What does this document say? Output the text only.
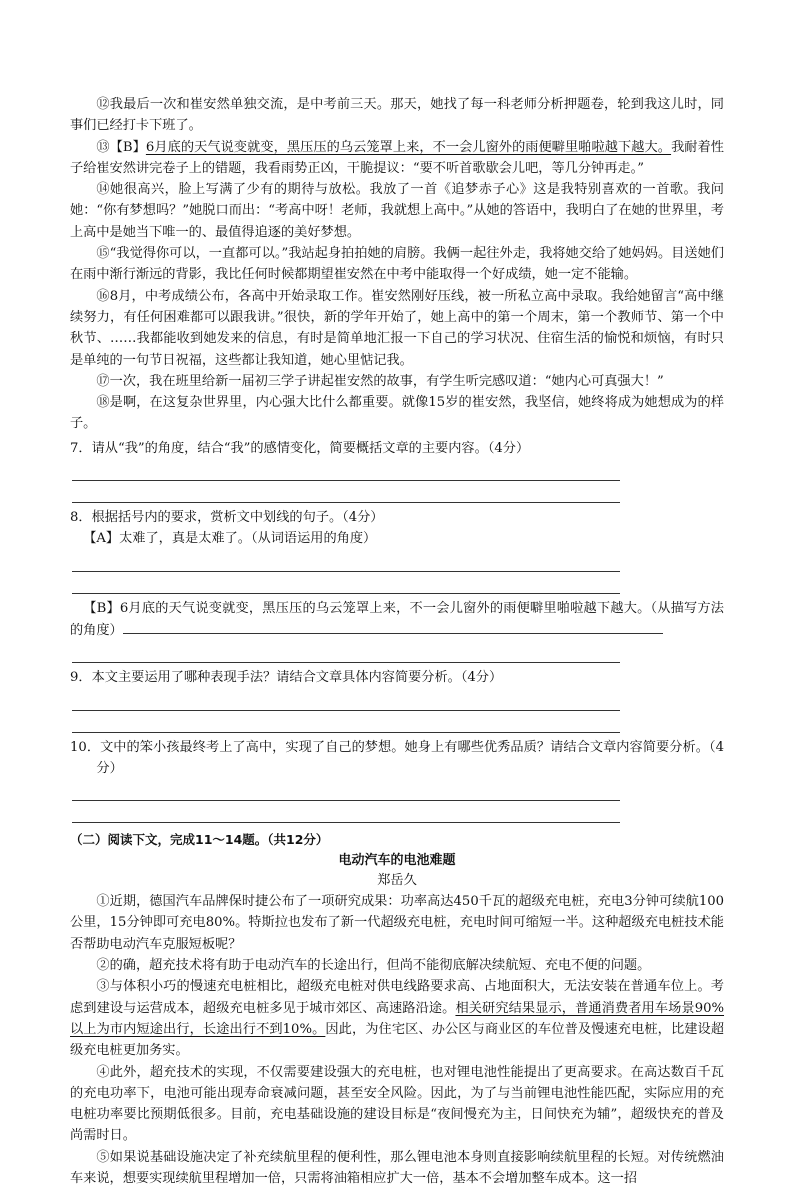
⑫我最后一次和崔安然单独交流，是中考前三天。那天，她找了每一科老师分析押题卷，轮到我这儿时，同事们已经打卡下班了。

⑬【B】6月底的天气说变就变，黑压压的乌云笼罩上来，不一会儿窗外的雨便噼里啪啦越下越大。我耐着性子给崔安然讲完卷子上的错题，我看雨势正凶，干脆提议：“要不听首歌歇会儿吧，等几分钟再走。”

⑭她很高兴，脸上写满了少有的期待与放松。我放了一首《追梦赤子心》这是我特别喜欢的一首歌。我问她：“你有梦想吗？”她脱口而出：“考高中呀！老师，我就想上高中。”从她的答语中，我明白了在她的世界里，考上高中是她当下唯一的、最值得追逐的美好梦想。

⑮“我觉得你可以，一直都可以。”我站起身拍拍她的肩膀。我俩一起往外走，我将她交给了她妈妈。目送她们在雨中渐行渐远的背影，我比任何时候都期望崔安然在中考中能取得一个好成绩，她一定不能输。

⑯8月，中考成绩公布，各高中开始录取工作。崔安然刚好压线，被一所私立高中录取。我给她留言“高中继续努力，有任何困难都可以跟我讲。”很快，新的学年开始了，她上高中的第一个周末，第一个教师节、第一个中秋节、……我都能收到她发来的信息，有时是简单地汇报一下自己的学习状况、住宿生活的愉悦和烦恼，有时只是单纯的一句节日祝福，这些都让我知道，她心里惦记我。

⑰一次，我在班里给新一届初三学子讲起崔安然的故事，有学生听完感叹道：“她内心可真强大！”

⑱是啊，在这复杂世界里，内心强大比什么都重要。就像15岁的崔安然，我坚信，她终将成为她想成为的样子。

7．请从“我”的角度，结合“我”的感情变化，简要概括文章的主要内容。（4分）

8．根据括号内的要求，赏析文中划线的句子。（4分）

【A】太难了，真是太难了。（从词语运用的角度）

【B】6月底的天气说变就变，黑压压的乌云笼罩上来，不一会儿窗外的雨便噼里啪啦越下越大。（从描写方法的角度）

9．本文主要运用了哪种表现手法？请结合文章具体内容简要分析。（4分）

10．文中的笨小孩最终考上了高中，实现了自己的梦想。她身上有哪些优秀品质？请结合文章内容简要分析。（4分）

（二）阅读下文，完成11～14题。（共12分）

电动汽车的电池难题

郑岳久

①近期，德国汽车品牌保时捷公布了一项研究成果：功率高达450千瓦的超级充电桩，充电3分钟可续航100公里，15分钟即可充电80%。特斯拉也发布了新一代超级充电桩，充电时间可缩短一半。这种超级充电桩技术能否帮助电动汽车克服短板呢？

②的确，超充技术将有助于电动汽车的长途出行，但尚不能彻底解决续航短、充电不便的问题。

③与体积小巧的慢速充电桩相比，超级充电桩对供电线路要求高、占地面积大，无法安装在普通车位上。考虑到建设与运营成本，超级充电桩多见于城市郊区、高速路沿途。相关研究结果显示，普通消费者用车场景90%以上为市内短途出行，长途出行不到10%。因此，为住宅区、办公区与商业区的车位普及慢速充电桩，比建设超级充电桩更加务实。

④此外，超充技术的实现，不仅需要建设强大的充电桩，也对锂电池性能提出了更高要求。在高达数百千瓦的充电功率下，电池可能出现寿命衰减问题，甚至安全风险。因此，为了与当前锂电池性能匹配，实际应用的充电桩功率要比预期低很多。目前，充电基础设施的建设目标是“夜间慢充为主，日间快充为辅”，超级快充的普及尚需时日。

⑤如果说基础设施决定了补充续航里程的便利性，那么锂电池本身则直接影响续航里程的长短。对传统燃油车来说，想要实现续航里程增加一倍，只需将油箱相应扩大一倍，基本不会增加整车成本。这一招
